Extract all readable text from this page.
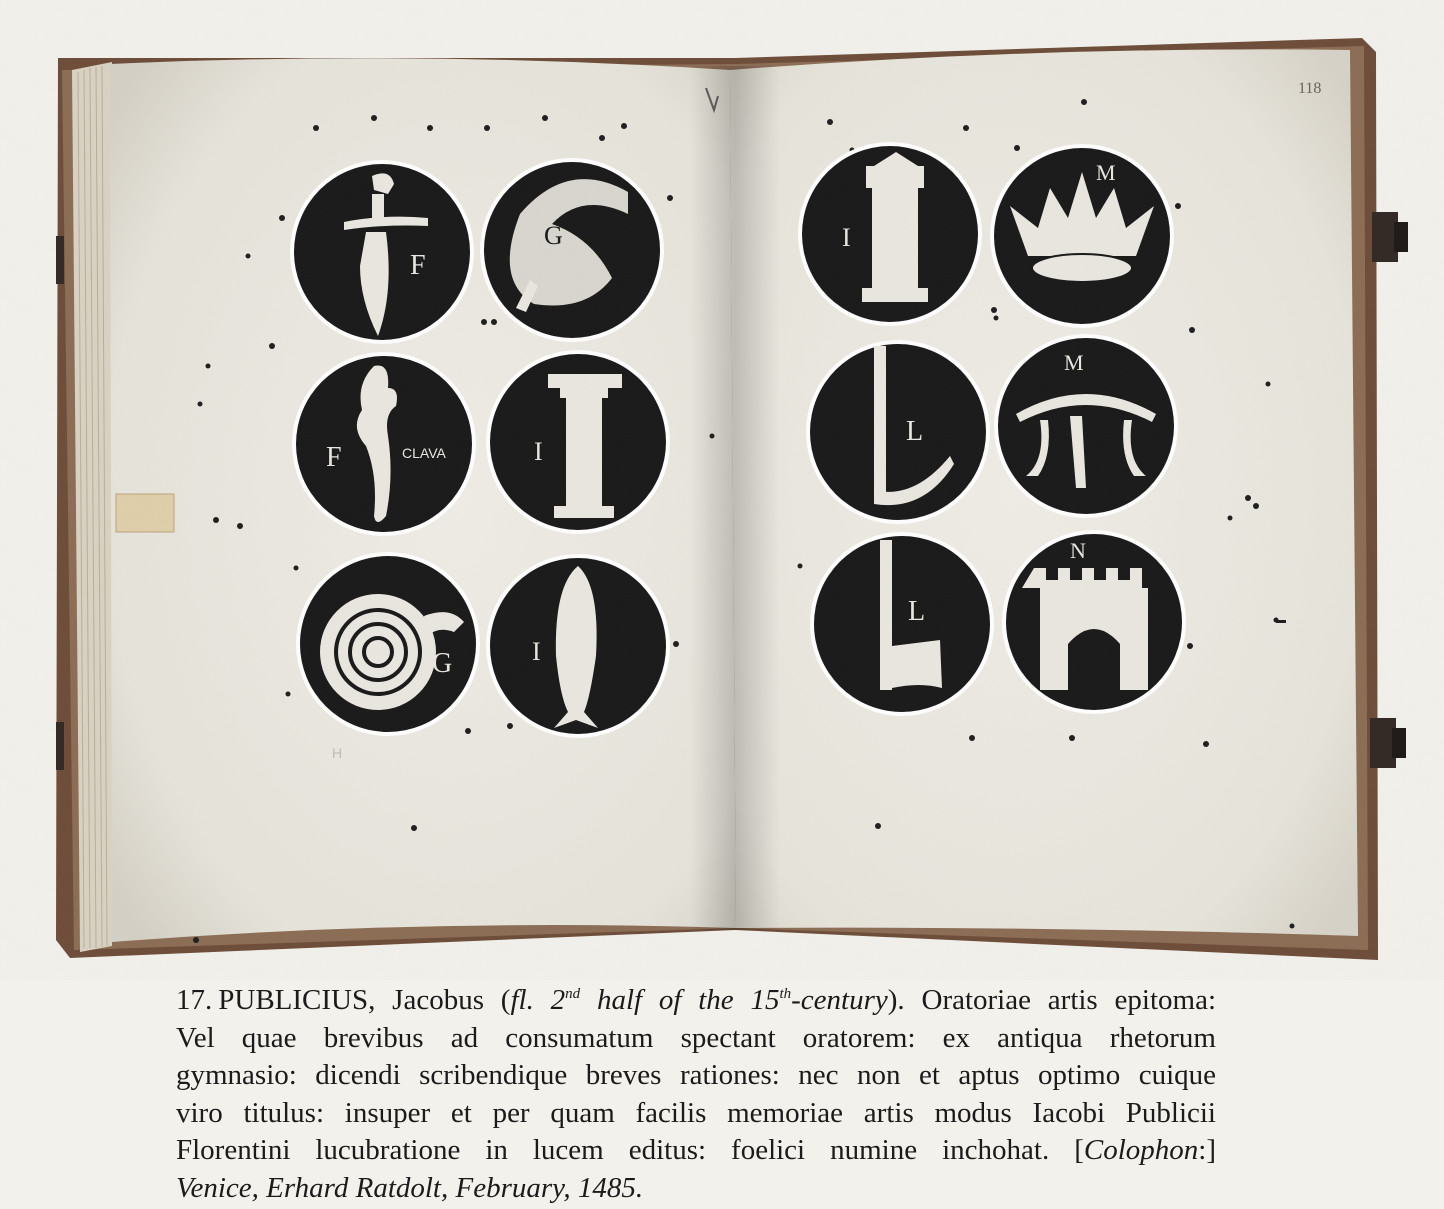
118
H
F
G
F	CLAVA	I
G	I
I
M
L
M
L
N
17. PUBLICIUS, Jacobus (fl. 2nd half of the 15th-century). Oratoriae artis epitoma:
Vel quae brevibus ad consumatum spectant oratorem: ex antiqua rhetorum
gymnasio: dicendi scribendique breves rationes: nec non et aptus optimo cuique
viro titulus: insuper et per quam facilis memoriae artis modus Iacobi Publicii
Florentini lucubratione in lucem editus: foelici numine inchohat. [Colophon:]
Venice, Erhard Ratdolt, February, 1485.
